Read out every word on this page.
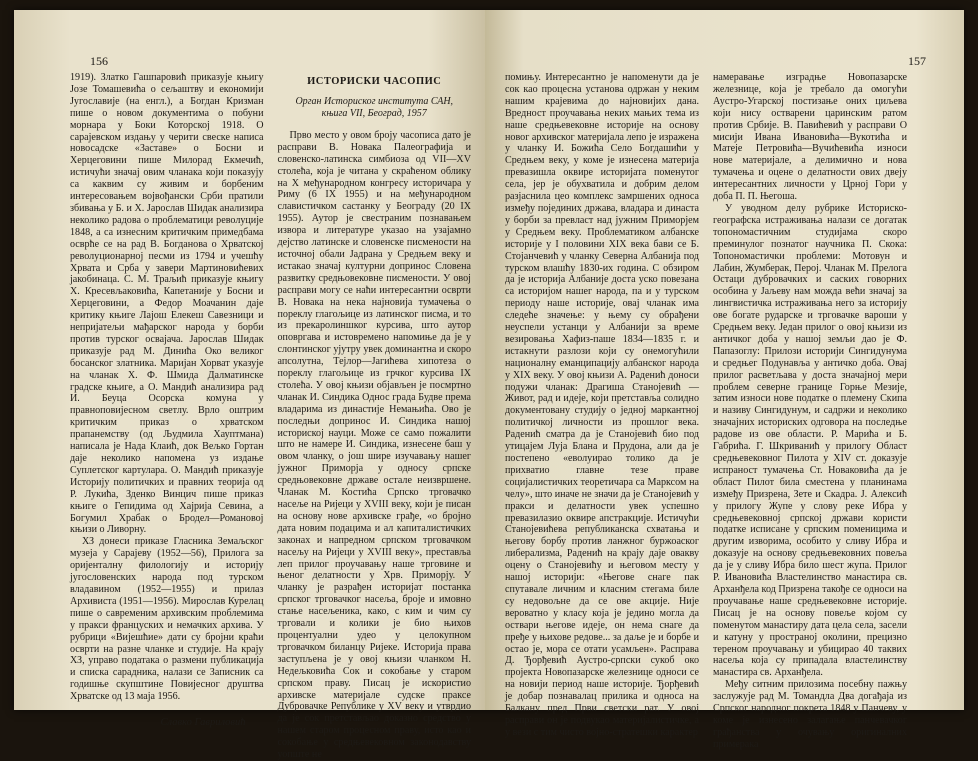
156

1919). Златко Гашпаровић приказује књигу Јозе Томашевића о сељаштву и економији Југославије (на енгл.), а Богдан Кризман пише о новом документима о побуни морнара у Боки Которској 1918. О сарајевском издању у черити свеске написа новосадске «Заставе» о Босни и Херцеговини пише Милорад Екмечић, истичући значај овим чланака који показују са каквим су живим и борбеним интересовањем војвођански Срби пратили збивања у Б. и Х. Јарослав Шидак анализира неколико радова о проблематици револуције 1848, а са изнесним критичким примедбама осврће се на рад В. Богданова о Хрватској револуционарној песми из 1794 и учешћу Хрвата и Срба у завери Мартиновићевих јакобинаца. С. М. Траљић приказује књигу Х. Кресевљаковића, Капетаније у Босни и Херцеговини, а Федор Моачанин даје критику књиге Лајош Елекеш Савезници и непријатељи мађарског народа у борби против турског освајача. Јарослав Шидак приказује рад М. Динића Око великог босанског златника. Маријан Хорват указује на чланак Х. Ф. Шмида Далматинске градске књиге, а О. Мандић анализира рад И. Беуца Осорска комуна у правноповијесном светлу. Врло оштрим критичким приказ о хрватском прапанемству (од Људмила Хауптмана) написала је Нада Клаић, док Вељко Гортан даје неколико напомена уз издање Суплетског картулара. О. Мандић приказује Историју политичких и правних теорија од Р. Лукића, Зденко Винцич пише приказ књиге о Гепидима од Хајрија Севина, а Богумил Храбак о Бродел—Романовој књизи о Ливорну.

ХЗ донеси приказе Гласника Земаљског музеја у Сарајеву (1952—56), Прилога за оријенталну филологију и историју југословенских народа под турском владавином (1952—1955) и прилаз Архивиста (1951—1956). Мирослав Курелац пише о савременим архивским проблемима у пракси француских и немачких архива. У рубрици «Вијешћие» дати су бројни краћи осврти на разне чланке и студије. На крају ХЗ, управо података о размени публикација и списка сарадника, налази се Записник са годишње скупштине Повијесног друштва Хрватске од 13 маја 1956.

Славко Гавриловић
ИСТОРИСКИ ЧАСОПИС
Орган Историског института САН,
књига VII, Београд, 1957

Прво место у овом броју часописа дато је расправи В. Новака Палеографија и словенско-латинска симбиоза од VII—XV столећа, која је читана у скраћеном облику на Х међународном конгресу историчара у Риму (6 IX 1955) и на међународном славистичком састанку у Београду (20 IX 1955). Аутор је свестраним познавањем извора и литературе указао на узајамно дејство латинске и словенске писмености на источној обали Јадрана у Средњем веку и истакао значај културни допринос Словена развитку средњовековне писмености. У овој расправи могу се наћи интересантни осврти В. Новака на нека најновија тумачења о пореклу глагољице из латинског писма, и то из прекарoлиншког курсива, што аутор оповргава и истовремено напомиње да је у слонтинског ујутру увек доминантна и скоро апсолутна, Тејлор—Јагићева хипотеза о пореклу глагољице из грчког курсива IX столећа. У овој књизи објављен је посмртно чланак И. Синдика Однос града Будве према владарима из династије Немањића. Ово је последњи допринос И. Синдика нашој историској науци. Може се само пожалити што не намере И. Синдика, изнесене баш у овом чланку, о још шире изучавању нашег јужног Приморја у односу српске средњовековне државе остале неизвршене. Чланак М. Костића Српско трговачко насеље на Ријеци у XVIII веку, који је писан на основу нове архивске грађе, «о бројно дата новим подацима и ал капиталистичких законах и напредном српском трговачком насељу на Ријеци у XVIII веку», преставља леп прилог проучавању наше трговине и њеног делатности у Хрв. Приморју. У чланку је разрађен историјат постанка српског трговачког насеља, броје и имовно стање насељеника, како, с ким и чим су трговали и колики је био њихов процентуални удео у целокупном трговачком биланцу Ријеке. Историја права заступљена је у овој књизи чланком Н. Недељковића Сок и сокобање у старом српском праву. Писац је искористио архивске материјале судске праксе Дубровачке Републике у XV веку и утврдио да је сок претстављао доказно средство у нашем старом процесном праву, исто као и сокобање у средњевековном законодавству уопште не

157

помињу. Интересантно је напоменути да је сок као процесна установа одржан у неким нашим крајевима до најновијих дана. Вредност проучавања неких мањих тема из наше средњевековне историје на основу новог архивског материјала лепо је изражена у чланку И. Божића Село Богдашићи у Средњем веку, у коме је изнесена материја превазишла оквире историјата поменутог села, јер је обухватила и добрим делом разјаснила цео комплекс замршених односа између појединих држава, владара и династа у борби за превласт над јужним Приморјем у Средњем веку. Проблематиком албанске историје у I половини XIX века бави се Б. Стојанчевић у чланку Северна Албанија под турском влашћу 1830-их година. С обзиром да је историја Албаније доста уско повезана са историјом нашег народа, па и у турском периоду наше историје, овај чланак има следеће значење: у њему су обрађени неуспели устанци у Албанији за време везировања Хафиз-паше 1834—1835 г. и истакнути разлози који су онемогућили националну еманципацију албанског народа у XIX веку. У овој књизи А. Раденић доноси подужи чланак: Драгиша Станојевић — Живот, рад и идеје, који претставља солидно документовану студију о једној маркантној политичкој личности из прошлог века. Раденић сматра да је Станојевић био под утицајем Луја Блана и Прудона, али да је постепено «еволуирао толико да је прихватио главне тезе праве социјалистичких теоретичара са Марксом на челу», што иначе не значи да је Станојевић у пракси и делатности увек успешно превазилазио оквире апстракције. Истичући Станојевићева републиканска схватања и његову борбу против ланжног буржоаског либерализма, Раденић на крају даје овакву оцену о Станојевићу и његовом месту у нашој историји: «Његове снаге пак спутавале личним и класним стегама биле су недовољне да се ове акције. Није вероватно у класу која је једино могла да оствари његове идеје, он нема снаге да пређе у њихове редове... за даље је и борбе и остао је, мора се отати усамљен». Расправа Д. Ђорђевић Аустро-српски сукоб око пројекта Новопазарске железнице односи се на новији период наше историје. Ђорђевић је добар познавалац прилика и односа на Балкану пред Први светски рат. У овој расправи он је подвукао материјалистичке, а у вези с тим чисто војно-стратешки карактер

намеравање изградње Новопазарске железнице, која је требало да омогући Аустро-Угарској постизање оних циљева који нису остварени царинским ратом против Србије. В. Павићевић у расправи О мисији Ивана Ивановића—Вукотића и Матеје Петровића—Вучићевића износи нове материјале, а делимично и нова тумачења и оцене о делатности ових двеју интересантних личности у Црној Гори у доба П. П. Његоша.

У уводном делу рубрике Историско-географска истраживања налази се догатак топономастичним студијама скоро преминулог познатог научника П. Скока: Топономастички проблеми: Мотовун и Лабин, Жумберак, Перој. Чланак М. Прелога Остаци дубровачких и саских говорних особина у Јаљеву нам можда већи значај за лингвистичка истраживања него за историју ове богате рударске и трговачке вароши у Средњем веку. Један прилог о овој књизи из античког доба у нашој земљи дао је Ф. Папазоглу: Прилози историји Сингидунума и средњег Подунавља у античко доба. Овај прилог расветљава у доста значајној мери проблем северне границе Горње Мезије, затим износи нове податке о племену Скипа и називу Сингидунум, и садржи и неколико значајних историских одговора на последње радове из ове области. Р. Марића и Б. Габрића. Г. Шкриванић у прилогу Област средњевековног Пилота у XIV ст. доказује испраност тумачења Ст. Новаковића да је област Пилот била сместена у планинама између Призрена, Зете и Скадра. Ј. Алексић у прилогу Жупе у слову реке Ибра у средњевековној српској држави користи податке исписане у српским поменицима и другим изворима, особито у сливу Ибра и доказује на основу средњевековних повеља да је у сливу Ибра било шест жупа. Прилог Р. Ивановића Властелинство манастира св. Арханђела код Призрена такође се односи на проучавање наше средњевековне историје. Писац је на основу повеље којом су поменутом манастиру дата цела села, засели и катуну у пространој околини, прецизно тереном проучавању и убицирао 40 таквих насеља која су припадала властелинству манастира св. Арханђела.

Међу ситним прилозима посебну пажњу заслужује рад М. Томандла Два догађаја из Српског народног покрета 1848 у Панчеву, у коме је изнесено залагање панчевачког грађанства у очувању оригиналних примерака
